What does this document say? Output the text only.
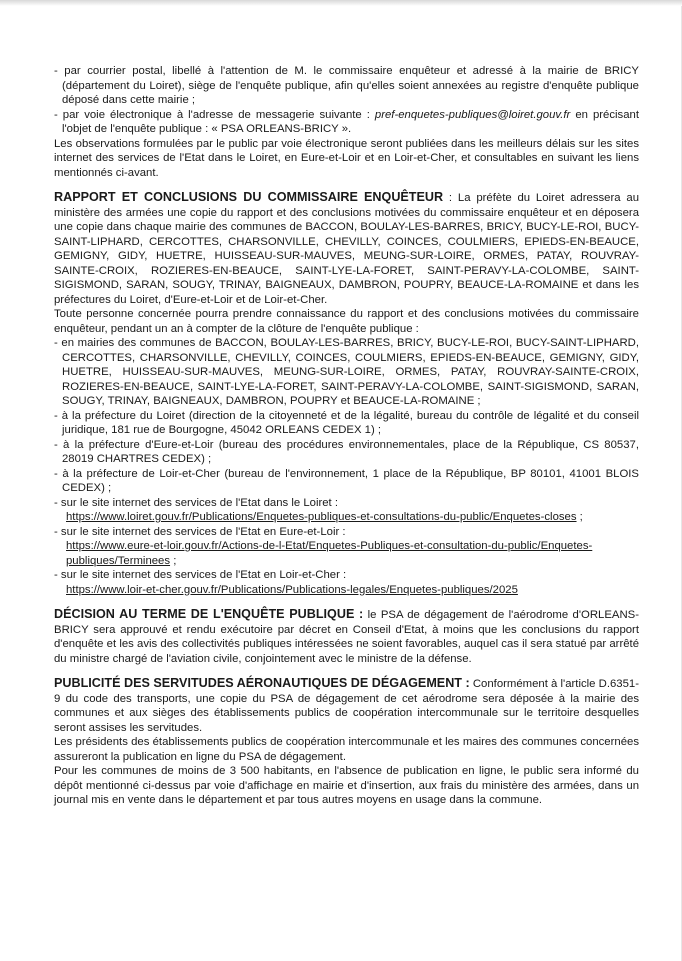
- par courrier postal, libellé à l'attention de M. le commissaire enquêteur et adressé à la mairie de BRICY (département du Loiret), siège de l'enquête publique, afin qu'elles soient annexées au registre d'enquête publique déposé dans cette mairie ;

- par voie électronique à l'adresse de messagerie suivante : pref-enquetes-publiques@loiret.gouv.fr en précisant l'objet de l'enquête publique : « PSA ORLEANS-BRICY ».

Les observations formulées par le public par voie électronique seront publiées dans les meilleurs délais sur les sites internet des services de l'Etat dans le Loiret, en Eure-et-Loir et en Loir-et-Cher, et consultables en suivant les liens mentionnés ci-avant.

RAPPORT ET CONCLUSIONS DU COMMISSAIRE ENQUÊTEUR : La préfète du Loiret adressera au ministère des armées une copie du rapport et des conclusions motivées du commissaire enquêteur et en déposera une copie dans chaque mairie des communes de BACCON, BOULAY-LES-BARRES, BRICY, BUCY-LE-ROI, BUCY-SAINT-LIPHARD, CERCOTTES, CHARSONVILLE, CHEVILLY, COINCES, COULMIERS, EPIEDS-EN-BEAUCE, GEMIGNY, GIDY, HUETRE, HUISSEAU-SUR-MAUVES, MEUNG-SUR-LOIRE, ORMES, PATAY, ROUVRAY-SAINTE-CROIX, ROZIERES-EN-BEAUCE, SAINT-LYE-LA-FORET, SAINT-PERAVY-LA-COLOMBE, SAINT-SIGISMOND, SARAN, SOUGY, TRINAY, BAIGNEAUX, DAMBRON, POUPRY, BEAUCE-LA-ROMAINE et dans les préfectures du Loiret, d'Eure-et-Loir et de Loir-et-Cher.

Toute personne concernée pourra prendre connaissance du rapport et des conclusions motivées du commissaire enquêteur, pendant un an à compter de la clôture de l'enquête publique :

- en mairies des communes de BACCON, BOULAY-LES-BARRES, BRICY, BUCY-LE-ROI, BUCY-SAINT-LIPHARD, CERCOTTES, CHARSONVILLE, CHEVILLY, COINCES, COULMIERS, EPIEDS-EN-BEAUCE, GEMIGNY, GIDY, HUETRE, HUISSEAU-SUR-MAUVES, MEUNG-SUR-LOIRE, ORMES, PATAY, ROUVRAY-SAINTE-CROIX, ROZIERES-EN-BEAUCE, SAINT-LYE-LA-FORET, SAINT-PERAVY-LA-COLOMBE, SAINT-SIGISMOND, SARAN, SOUGY, TRINAY, BAIGNEAUX, DAMBRON, POUPRY et BEAUCE-LA-ROMAINE ;

- à la préfecture du Loiret (direction de la citoyenneté et de la légalité, bureau du contrôle de légalité et du conseil juridique, 181 rue de Bourgogne, 45042 ORLEANS CEDEX 1) ;

- à la préfecture d'Eure-et-Loir (bureau des procédures environnementales, place de la République, CS 80537, 28019 CHARTRES CEDEX) ;

- à la préfecture de Loir-et-Cher (bureau de l'environnement, 1 place de la République, BP 80101, 41001 BLOIS CEDEX) ;

- sur le site internet des services de l'Etat dans le Loiret :

https://www.loiret.gouv.fr/Publications/Enquetes-publiques-et-consultations-du-public/Enquetes-closes ;

- sur le site internet des services de l'Etat en Eure-et-Loir :

https://www.eure-et-loir.gouv.fr/Actions-de-l-Etat/Enquetes-Publiques-et-consultation-du-public/Enquetes-publiques/Terminees ;

- sur le site internet des services de l'Etat en Loir-et-Cher :

https://www.loir-et-cher.gouv.fr/Publications/Publications-legales/Enquetes-publiques/2025

DÉCISION AU TERME DE L'ENQUÊTE PUBLIQUE : le PSA de dégagement de l'aérodrome d'ORLEANS-BRICY sera approuvé et rendu exécutoire par décret en Conseil d'Etat, à moins que les conclusions du rapport d'enquête et les avis des collectivités publiques intéressées ne soient favorables, auquel cas il sera statué par arrêté du ministre chargé de l'aviation civile, conjointement avec le ministre de la défense.

PUBLICITÉ DES SERVITUDES AÉRONAUTIQUES DE DÉGAGEMENT : Conformément à l'article D.6351-9 du code des transports, une copie du PSA de dégagement de cet aérodrome sera déposée à la mairie des communes et aux sièges des établissements publics de coopération intercommunale sur le territoire desquelles seront assises les servitudes.

Les présidents des établissements publics de coopération intercommunale et les maires des communes concernées assureront la publication en ligne du PSA de dégagement.

Pour les communes de moins de 3 500 habitants, en l'absence de publication en ligne, le public sera informé du dépôt mentionné ci-dessus par voie d'affichage en mairie et d'insertion, aux frais du ministère des armées, dans un journal mis en vente dans le département et par tous autres moyens en usage dans la commune.
